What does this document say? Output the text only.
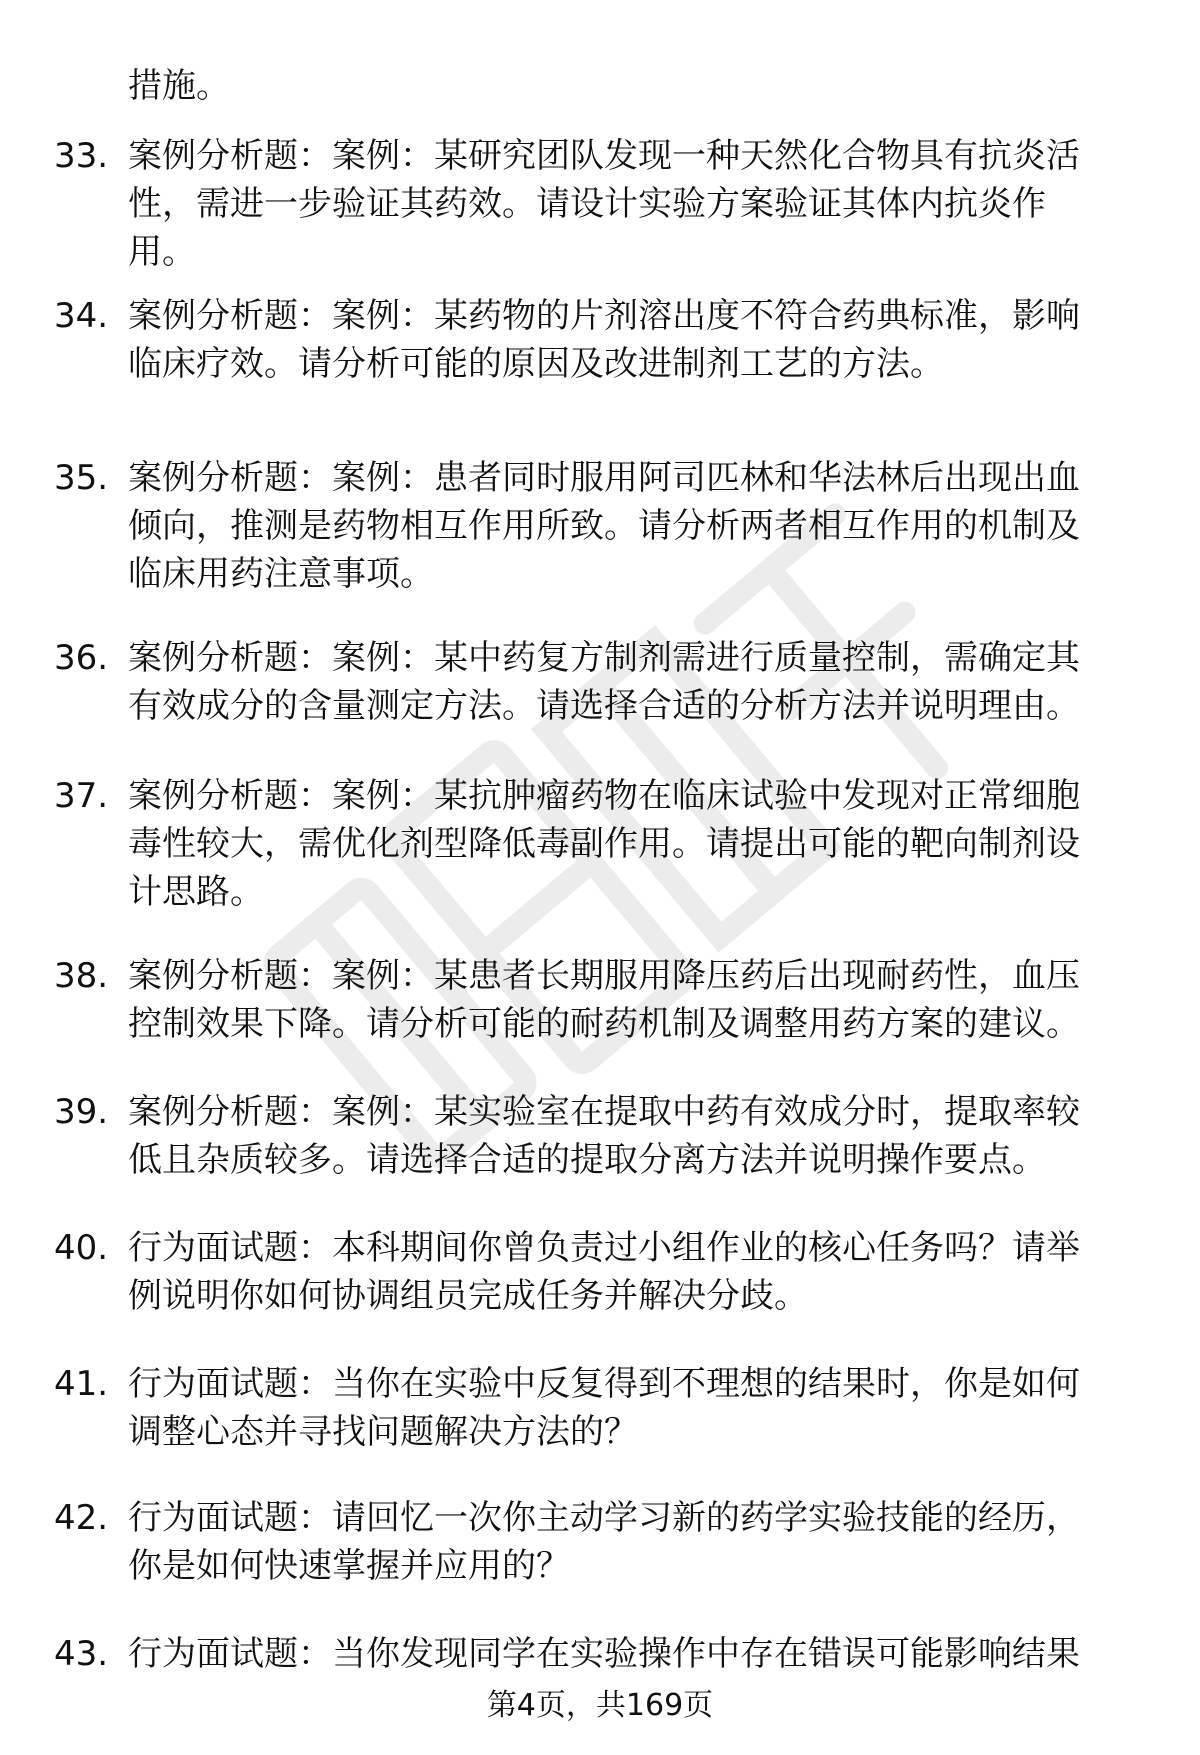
措施。
33. 案例分析题：案例：某研究团队发现一种天然化合物具有抗炎活
性，需进一步验证其药效。请设计实验方案验证其体内抗炎作
用。
34. 案例分析题：案例：某药物的片剂溶出度不符合药典标准，影响
临床疗效。请分析可能的原因及改进制剂工艺的方法。
35. 案例分析题：案例：患者同时服用阿司匹林和华法林后出现出血
倾向，推测是药物相互作用所致。请分析两者相互作用的机制及
临床用药注意事项。
36. 案例分析题：案例：某中药复方制剂需进行质量控制，需确定其
有效成分的含量测定方法。请选择合适的分析方法并说明理由。
37. 案例分析题：案例：某抗肿瘤药物在临床试验中发现对正常细胞
毒性较大，需优化剂型降低毒副作用。请提出可能的靶向制剂设
计思路。
38. 案例分析题：案例：某患者长期服用降压药后出现耐药性，血压
控制效果下降。请分析可能的耐药机制及调整用药方案的建议。
39. 案例分析题：案例：某实验室在提取中药有效成分时，提取率较
低且杂质较多。请选择合适的提取分离方法并说明操作要点。
40. 行为面试题：本科期间你曾负责过小组作业的核心任务吗？请举
例说明你如何协调组员完成任务并解决分歧。
41. 行为面试题：当你在实验中反复得到不理想的结果时，你是如何
调整心态并寻找问题解决方法的？
42. 行为面试题：请回忆一次你主动学习新的药学实验技能的经历，
你是如何快速掌握并应用的？
43. 行为面试题：当你发现同学在实验操作中存在错误可能影响结果
第4页，共169页
